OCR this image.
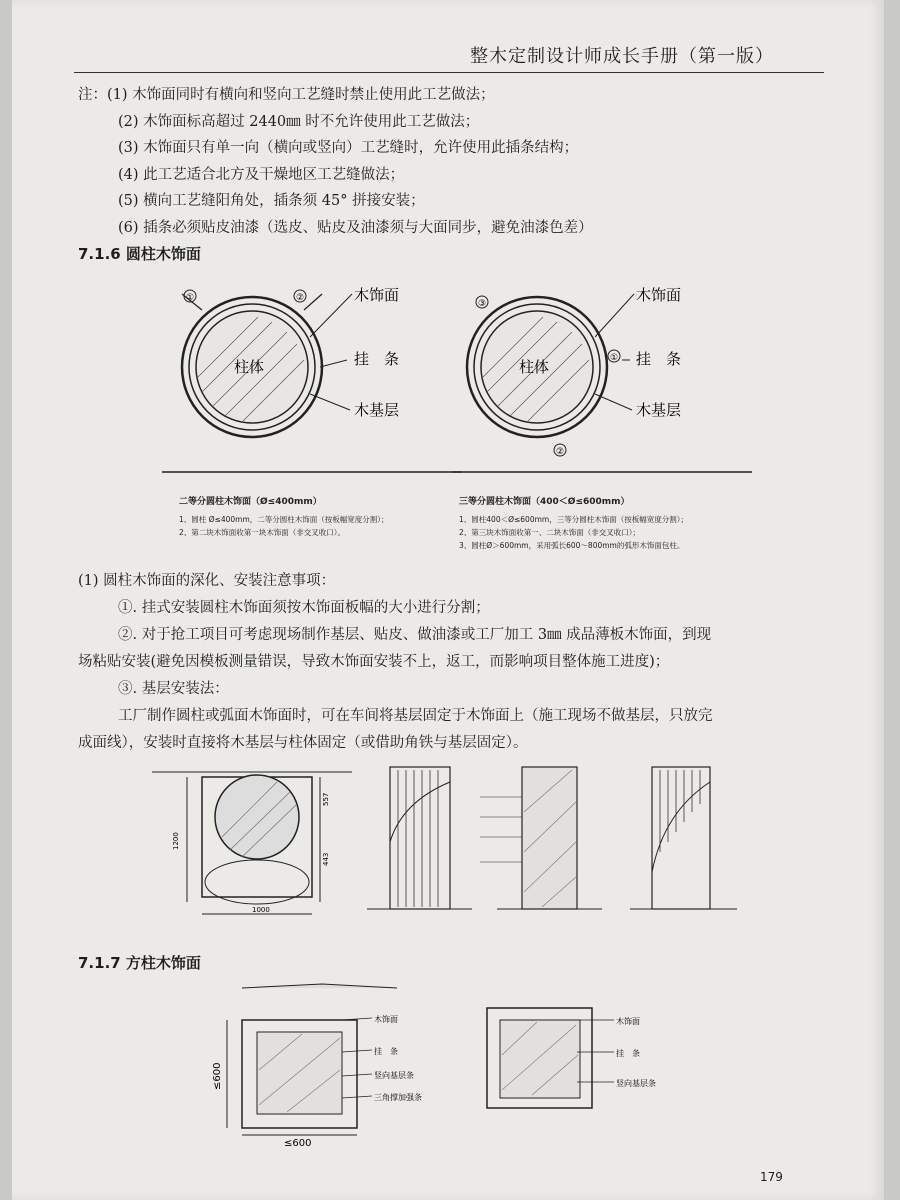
整木定制设计师成长手册（第一版）
注：(1) 木饰面同时有横向和竖向工艺缝时禁止使用此工艺做法；
(2) 木饰面标高超过 2440㎜ 时不允许使用此工艺做法；
(3) 木饰面只有单一向（横向或竖向）工艺缝时，允许使用此插条结构；
(4) 此工艺适合北方及干燥地区工艺缝做法；
(5) 横向工艺缝阳角处，插条须 45° 拼接安装；
(6) 插条必须贴皮油漆（选皮、贴皮及油漆须与大面同步，避免油漆色差）
7.1.6 圆柱木饰面
①	②
柱体
木饰面
挂　条
木基层
二等分圆柱木饰面（Ø≤400mm）
1、圆柱 Ø≤400mm，二等分圆柱木饰面（按板幅宽度分割）；
2、第二块木饰面收第一块木饰面（非交叉收口）。
③
①
②
柱体
木饰面
挂　条
木基层
三等分圆柱木饰面（400＜Ø≤600mm）
1、圆柱400＜Ø≤600mm，三等分圆柱木饰面（按板幅宽度分割）；
2、第三块木饰面收第一、二块木饰面（非交叉收口）；
3、圆柱Ø＞600mm，采用弧长600～800mm的弧形木饰面包柱。
(1) 圆柱木饰面的深化、安装注意事项：
①. 挂式安装圆柱木饰面须按木饰面板幅的大小进行分割；
②. 对于抢工项目可考虑现场制作基层、贴皮、做油漆或工厂加工 3㎜ 成品薄板木饰面，到现
场粘贴安装(避免因模板测量错误，导致木饰面安装不上，返工，而影响项目整体施工进度)；
③. 基层安装法：
工厂制作圆柱或弧面木饰面时，可在车间将基层固定于木饰面上（施工现场不做基层，只放完
成面线），安装时直接将木基层与柱体固定（或借助角铁与基层固定）。
1000
1200
557
443
7.1.7 方柱木饰面
≤600
≤600
木饰面
挂　条
竖向基层条
三角撑加强条
木饰面
挂　条
竖向基层条
179
